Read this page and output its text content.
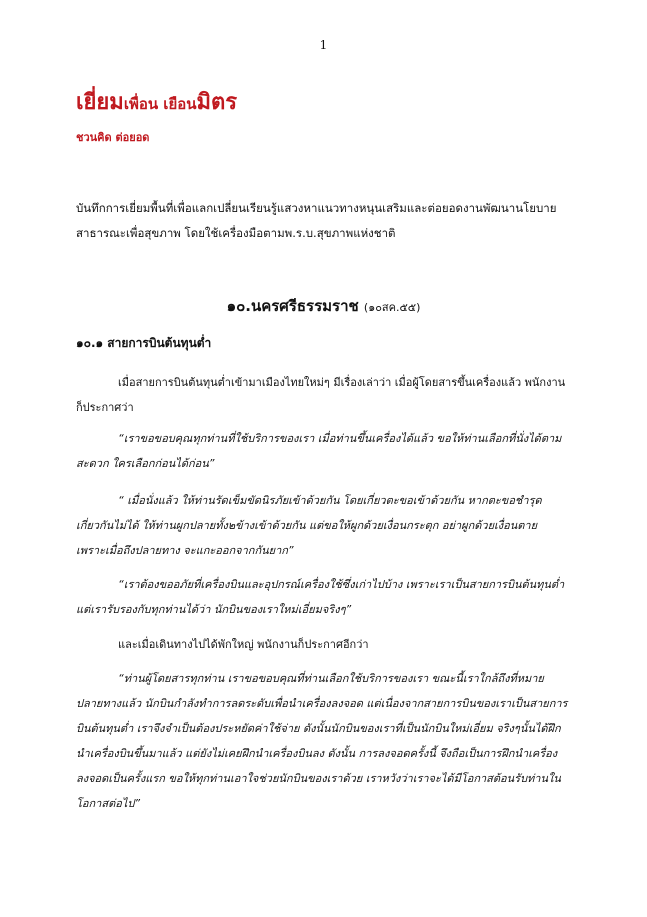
1
เยี่ยมเพื่อน เยือนมิตร
ชวนคิด ต่อยอด
บันทึกการเยี่ยมพื้นที่เพื่อแลกเปลี่ยนเรียนรู้แสวงหาแนวทางหนุนเสริมและต่อยอดงานพัฒนานโยบายสาธารณะเพื่อสุขภาพ โดยใช้เครื่องมือตามพ.ร.บ.สุขภาพแห่งชาติ
๑๐.นครศรีธรรมราช (๑๐สค.๕๕)
๑๐.๑ สายการบินต้นทุนต่ำ
เมื่อสายการบินต้นทุนต่ำเข้ามาเมืองไทยใหม่ๆ มีเรื่องเล่าว่า เมื่อผู้โดยสารขึ้นเครื่องแล้ว พนักงานก็ประกาศว่า
“เราขอขอบคุณทุกท่านที่ใช้บริการของเรา เมื่อท่านขึ้นเครื่องได้แล้ว ขอให้ท่านเลือกที่นั่งได้ตามสะดวก ใครเลือกก่อนได้ก่อน”
“ เมื่อนั่งแล้ว ให้ท่านรัดเข็มขัดนิรภัยเข้าด้วยกัน โดยเกี่ยวตะขอเข้าด้วยกัน หากตะขอชำรุด เกี่ยวกันไม่ได้ ให้ท่านผูกปลายทั้ง๒ข้างเข้าด้วยกัน แต่ขอให้ผูกด้วยเงื่อนกระตุก อย่าผูกด้วยเงื่อนตาย เพราะเมื่อถึงปลายทาง จะแกะออกจากกันยาก”
“เราต้องขออภัยที่เครื่องบินและอุปกรณ์เครื่องใช้ซึ่งเก่าไปบ้าง เพราะเราเป็นสายการบินต้นทุนต่ำ แต่เรารับรองกับทุกท่านได้ว่า นักบินของเราใหม่เอี่ยมจริงๆ”
และเมื่อเดินทางไปได้พักใหญ่ พนักงานก็ประกาศอีกว่า
“ท่านผู้โดยสารทุกท่าน เราขอขอบคุณที่ท่านเลือกใช้บริการของเรา ขณะนี้เราใกล้ถึงที่หมายปลายทางแล้ว นักบินกำลังทำการลดระดับเพื่อนำเครื่องลงจอด แต่เนื่องจากสายการบินของเราเป็นสายการบินต้นทุนต่ำ เราจึงจำเป็นต้องประหยัดค่าใช้จ่าย ดังนั้นนักบินของเราที่เป็นนักบินใหม่เอี่ยม จริงๆนั้นได้ฝึกนำเครื่องบินขึ้นมาแล้ว แต่ยังไม่เคยฝึกนำเครื่องบินลง ดังนั้น การลงจอดครั้งนี้ จึงถือเป็นการฝึกนำเครื่องลงจอดเป็นครั้งแรก ขอให้ทุกท่านเอาใจช่วยนักบินของเราด้วย เราหวังว่าเราจะได้มีโอกาสต้อนรับท่านในโอกาสต่อไป”
